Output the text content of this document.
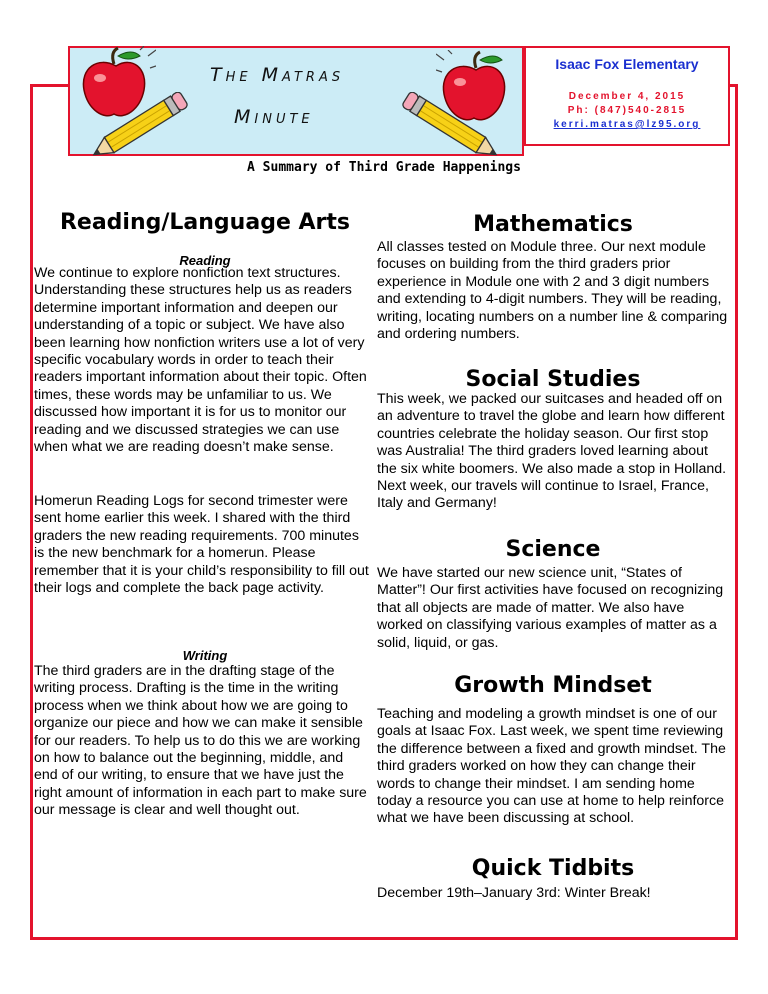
The Matras
Minute
Isaac Fox Elementary
December 4, 2015
Ph: (847)540-2815
kerri.matras@lz95.org
A Summary of Third Grade Happenings
Reading/Language Arts
Reading

We continue to explore nonfiction text structures. Understanding these structures help us as readers determine important information and deepen our understanding of a topic or subject. We have also been learning how nonfiction writers use a lot of very specific vocabulary words in order to teach their readers important information about their topic. Often times, these words may be unfamiliar to us. We discussed how important it is for us to monitor our reading and we discussed strategies we can use when what we are reading doesn’t make sense.

Homerun Reading Logs for second trimester were sent home earlier this week. I shared with the third graders the new reading requirements. 700 minutes is the new benchmark for a homerun. Please remember that it is your child’s responsibility to fill out their logs and complete the back page activity.

Writing

The third graders are in the drafting stage of the writing process. Drafting is the time in the writing process when we think about how we are going to organize our piece and how we can make it sensible for our readers. To help us to do this we are working on how to balance out the beginning, middle, and end of our writing, to ensure that we have just the right amount of information in each part to make sure our message is clear and well thought out.

Mathematics

All classes tested on Module three. Our next module focuses on building from the third graders prior experience in Module one with 2 and 3 digit numbers and extending to 4-digit numbers. They will be reading, writing, locating numbers on a number line & comparing and ordering numbers.

Social Studies

This week, we packed our suitcases and headed off on an adventure to travel the globe and learn how different countries celebrate the holiday season. Our first stop was Australia! The third graders loved learning about the six white boomers. We also made a stop in Holland. Next week, our travels will continue to Israel, France, Italy and Germany!

Science

We have started our new science unit, “States of Matter”! Our first activities have focused on recognizing that all objects are made of matter. We also have worked on classifying various examples of matter as a solid, liquid, or gas.

Growth Mindset

Teaching and modeling a growth mindset is one of our goals at Isaac Fox. Last week, we spent time reviewing the difference between a fixed and growth mindset. The third graders worked on how they can change their words to change their mindset. I am sending home today a resource you can use at home to help reinforce what we have been discussing at school.

Quick Tidbits

December 19th–January 3rd: Winter Break!
